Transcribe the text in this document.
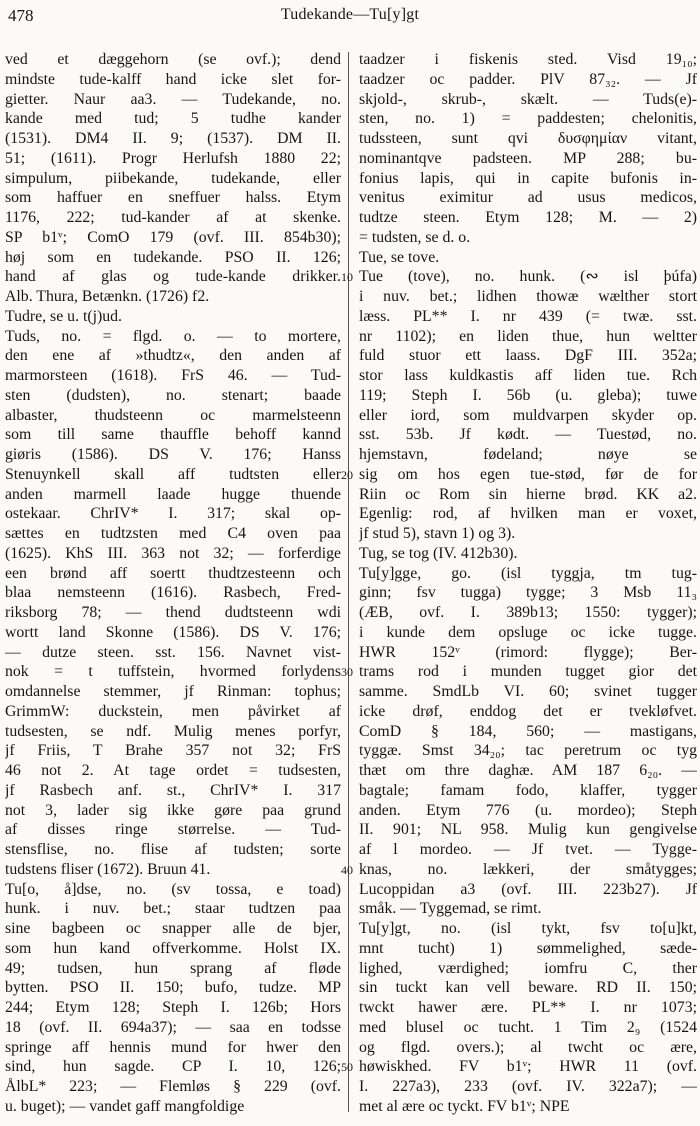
478	Tudekande—Tu[y]gt
ved et dæggehorn (se ovf.); dend
mindste tude-kalff hand icke slet for-
gietter. Naur aa3. — Tudekande, no.
kande med tud; 5 tudhe kander
(1531). DM4 II. 9; (1537). DM II.
51; (1611). Progr Herlufsh 1880 22;
simpulum, piibekande, tudekande, eller
som haffuer en sneffuer halss. Etym
1176, 222; tud-kander af at skenke.
SP b1ᵛ; ComO 179 (ovf. III. 854b30);
høj som en tudekande. PSO II. 126;
hand af glas og tude-kande drikker.
Alb. Thura, Betænkn. (1726) f2.
Tudre, se u. t(j)ud.
Tuds, no. = flgd. o. — to mortere,
den ene af »thudtz«, den anden af
marmorsteen (1618). FrS 46. — Tud-
sten (dudsten), no. stenart; baade
albaster, thudsteenn oc marmelsteenn
som till same thauffle behoff kannd
giøris (1586). DS V. 176; Hanss
Stenuynkell skall aff tudtsten eller
anden marmell laade hugge thuende
ostekaar. ChrIV* I. 317; skal op-
sættes en tudtzsten med C4 oven paa
(1625). KhS III. 363 not 32; — forferdige
een brønd aff soertt thudtzesteenn och
blaa nemsteenn (1616). Rasbech, Fred-
riksborg 78; — thend dudtsteenn wdi
wortt land Skonne (1586). DS V. 176;
— dutze steen. sst. 156. Navnet vist-
nok = t tuffstein, hvormed forlydens
omdannelse stemmer, jf Rinman: tophus;
GrimmW: duckstein, men påvirket af
tudsesten, se ndf. Mulig menes porfyr,
jf Friis, T Brahe 357 not 32; FrS
46 not 2. At tage ordet = tudsesten,
jf Rasbech anf. st., ChrIV* I. 317
not 3, lader sig ikke gøre paa grund
af disses ringe størrelse. — Tud-
stensflise, no. flise af tudsten; sorte
tudstens fliser (1672). Bruun 41.
Tu[o, å]dse, no. (sv tossa, e toad)
hunk. i nuv. bet.; staar tudtzen paa
sine bagbeen oc snapper alle de bjer,
som hun kand offverkomme. Holst IX.
49; tudsen, hun sprang af fløde
bytten. PSO II. 150; bufo, tudze. MP
244; Etym 128; Steph I. 126b; Hors
18 (ovf. II. 694a37); — saa en todsse
springe aff hennis mund for hwer den
sind, hun sagde. CP I. 10, 126;
ÅlbL* 223; — Flemløs § 229 (ovf.
u. buget); — vandet gaff mangfoldige
taadzer i fiskenis sted. Visd 19₁₀;
taadzer oc padder. PlV 87₃₂. — Jf
skjold-, skrub-, skælt. — Tuds(e)-
sten, no. 1) = paddesten; chelonitis,
tudssteen, sunt qvi δυσφημίαν vitant,
nominantqve padsteen. MP 288; bu-
fonius lapis, qui in capite bufonis in-
venitus eximitur ad usus medicos,
tudtze steen. Etym 128; M. — 2)
= tudsten, se d. o.
Tue, se tove.
Tue (tove), no. hunk. (∾ isl þúfa)
i nuv. bet.; lidhen thowæ wælther stort
læss. PL** I. nr 439 (= twæ. sst.
nr 1102); en liden thue, hun weltter
fuld stuor ett laass. DgF III. 352a;
stor lass kuldkastis aff liden tue. Rch
119; Steph I. 56b (u. gleba); tuwe
eller iord, som muldvarpen skyder op.
sst. 53b. Jf kødt. — Tuestød, no.
hjemstavn, fødeland; nøye se
sig om hos egen tue-stød, før de for
Riin oc Rom sin hierne brød. KK a2.
Egenlig: rod, af hvilken man er voxet,
jf stud 5), stavn 1) og 3).
Tug, se tog (IV. 412b30).
Tu[y]gge, go. (isl tyggja, tm tug-
ginn; fsv tugga) tygge; 3 Msb 11₃
(ÆB, ovf. I. 389b13; 1550: tygger);
i kunde dem opsluge oc icke tugge.
HWR 152ᵛ (rimord: flygge); Ber-
trams rod i munden tugget gior det
samme. SmdLb VI. 60; svinet tugger
icke drøf, enddog det er tvekløfvet.
ComD § 184, 560; — mastigans,
tyggæ. Smst 34₂₀; tac peretrum oc tyg
thæt om thre daghæ. AM 187 6₂₀. —
bagtale; famam fodo, klaffer, tygger
anden. Etym 776 (u. mordeo); Steph
II. 901; NL 958. Mulig kun gengivelse
af l mordeo. — Jf tvet. — Tygge-
knas, no. lækkeri, der småtygges;
Lucoppidan a3 (ovf. III. 223b27). Jf
småk. — Tyggemad, se rimt.
Tu[y]gt, no. (isl tykt, fsv to[u]kt,
mnt tucht) 1) sømmelighed, sæde-
lighed, værdighed; iomfru C, ther
sin tuckt kan vell beware. RD II. 150;
twckt hawer ære. PL** I. nr 1073;
med blusel oc tucht. 1 Tim 2₉ (1524
og flgd. overs.); al twcht oc ære,
høwiskhed. FV b1ᵛ; HWR 11 (ovf.
I. 227a3), 233 (ovf. IV. 322a7); —
met al ære oc tyckt. FV b1ᵛ; NPE
10
20
30
40
50
